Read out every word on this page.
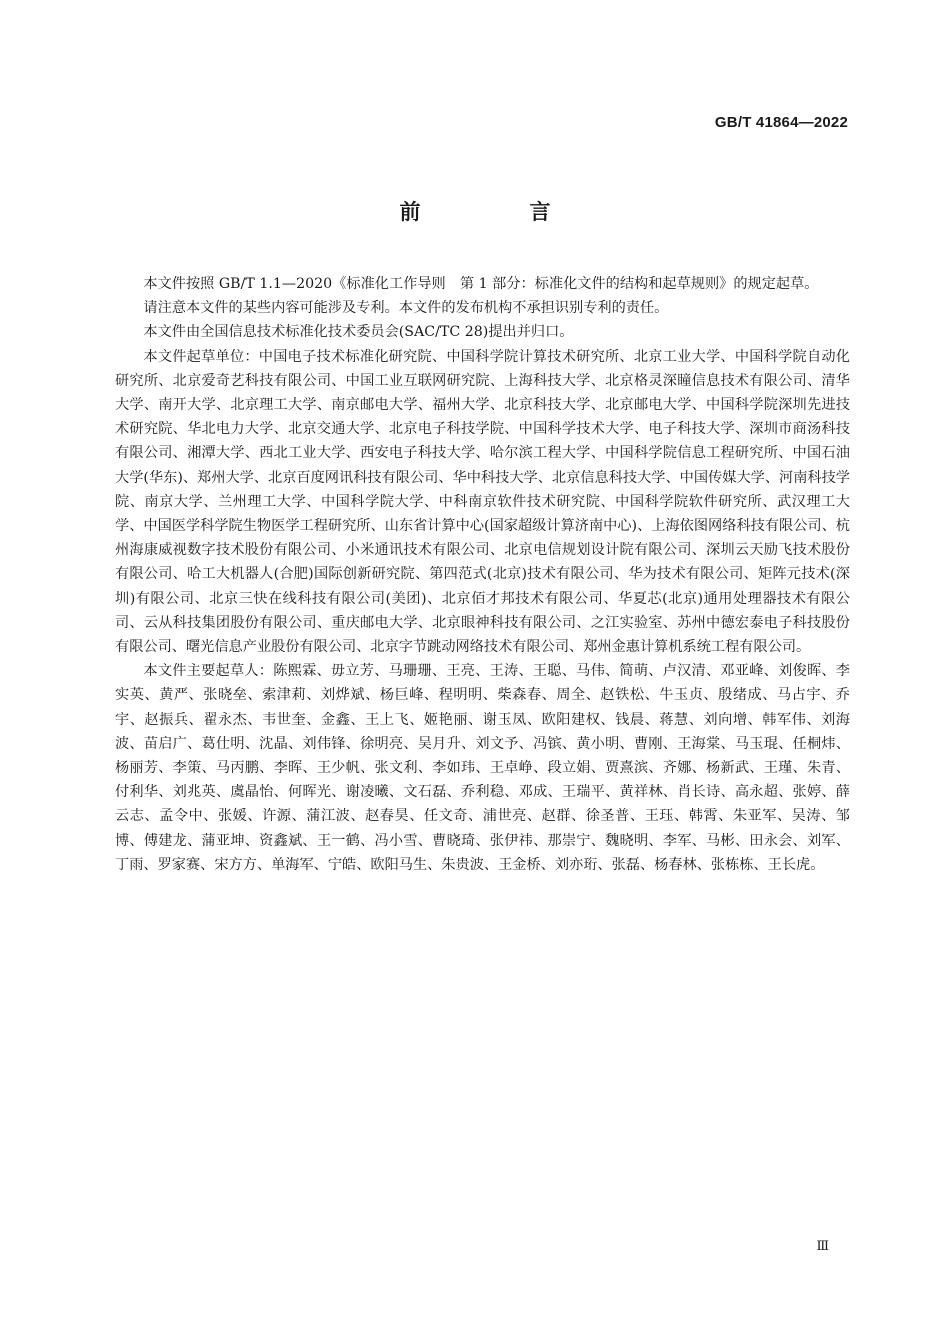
GB/T 41864—2022
前　言

本文件按照 GB/T 1.1—2020《标准化工作导则　第 1 部分：标准化文件的结构和起草规则》的规定起草。

请注意本文件的某些内容可能涉及专利。本文件的发布机构不承担识别专利的责任。

本文件由全国信息技术标准化技术委员会(SAC/TC 28)提出并归口。

本文件起草单位：中国电子技术标准化研究院、中国科学院计算技术研究所、北京工业大学、中国科学院自动化研究所、北京爱奇艺科技有限公司、中国工业互联网研究院、上海科技大学、北京格灵深瞳信息技术有限公司、清华大学、南开大学、北京理工大学、南京邮电大学、福州大学、北京科技大学、北京邮电大学、中国科学院深圳先进技术研究院、华北电力大学、北京交通大学、北京电子科技学院、中国科学技术大学、电子科技大学、深圳市商汤科技有限公司、湘潭大学、西北工业大学、西安电子科技大学、哈尔滨工程大学、中国科学院信息工程研究所、中国石油大学(华东)、郑州大学、北京百度网讯科技有限公司、华中科技大学、北京信息科技大学、中国传媒大学、河南科技学院、南京大学、兰州理工大学、中国科学院大学、中科南京软件技术研究院、中国科学院软件研究所、武汉理工大学、中国医学科学院生物医学工程研究所、山东省计算中心(国家超级计算济南中心)、上海依图网络科技有限公司、杭州海康威视数字技术股份有限公司、小米通讯技术有限公司、北京电信规划设计院有限公司、深圳云天励飞技术股份有限公司、哈工大机器人(合肥)国际创新研究院、第四范式(北京)技术有限公司、华为技术有限公司、矩阵元技术(深圳)有限公司、北京三快在线科技有限公司(美团)、北京佰才邦技术有限公司、华夏芯(北京)通用处理器技术有限公司、云从科技集团股份有限公司、重庆邮电大学、北京眼神科技有限公司、之江实验室、苏州中德宏泰电子科技股份有限公司、曙光信息产业股份有限公司、北京字节跳动网络技术有限公司、郑州金惠计算机系统工程有限公司。

本文件主要起草人：陈熙霖、毋立芳、马珊珊、王亮、王涛、王聪、马伟、简萌、卢汉清、邓亚峰、刘俊晖、李实英、黄严、张晓垒、索津莉、刘烨斌、杨巨峰、程明明、柴森春、周全、赵铁松、牛玉贞、殷绪成、马占宇、乔宇、赵振兵、翟永杰、韦世奎、金鑫、王上飞、姬艳丽、谢玉凤、欧阳建权、钱晨、蒋慧、刘向增、韩军伟、刘海波、苗启广、葛仕明、沈晶、刘伟锋、徐明亮、吴月升、刘文予、冯镔、黄小明、曹刚、王海棠、马玉琨、任桐炜、杨丽芳、李策、马丙鹏、李晖、王少帆、张文利、李如玮、王卓峥、段立娟、贾熹滨、齐娜、杨新武、王瑾、朱青、付利华、刘兆英、虞晶怡、何晖光、谢凌曦、文石磊、乔利稳、邓成、王瑞平、黄祥林、肖长诗、高永超、张婷、薛云志、孟令中、张媛、许源、蒲江波、赵春昊、任文奇、浦世亮、赵群、徐圣普、王珏、韩霄、朱亚军、吴涛、邹博、傅建龙、蒲亚坤、资鑫斌、王一鹤、冯小雪、曹晓琦、张伊祎、那崇宁、魏晓明、李军、马彬、田永会、刘军、丁雨、罗家赛、宋方方、单海军、宁皓、欧阳马生、朱贵波、王金桥、刘亦珩、张磊、杨春林、张栋栋、王长虎。

Ⅲ
